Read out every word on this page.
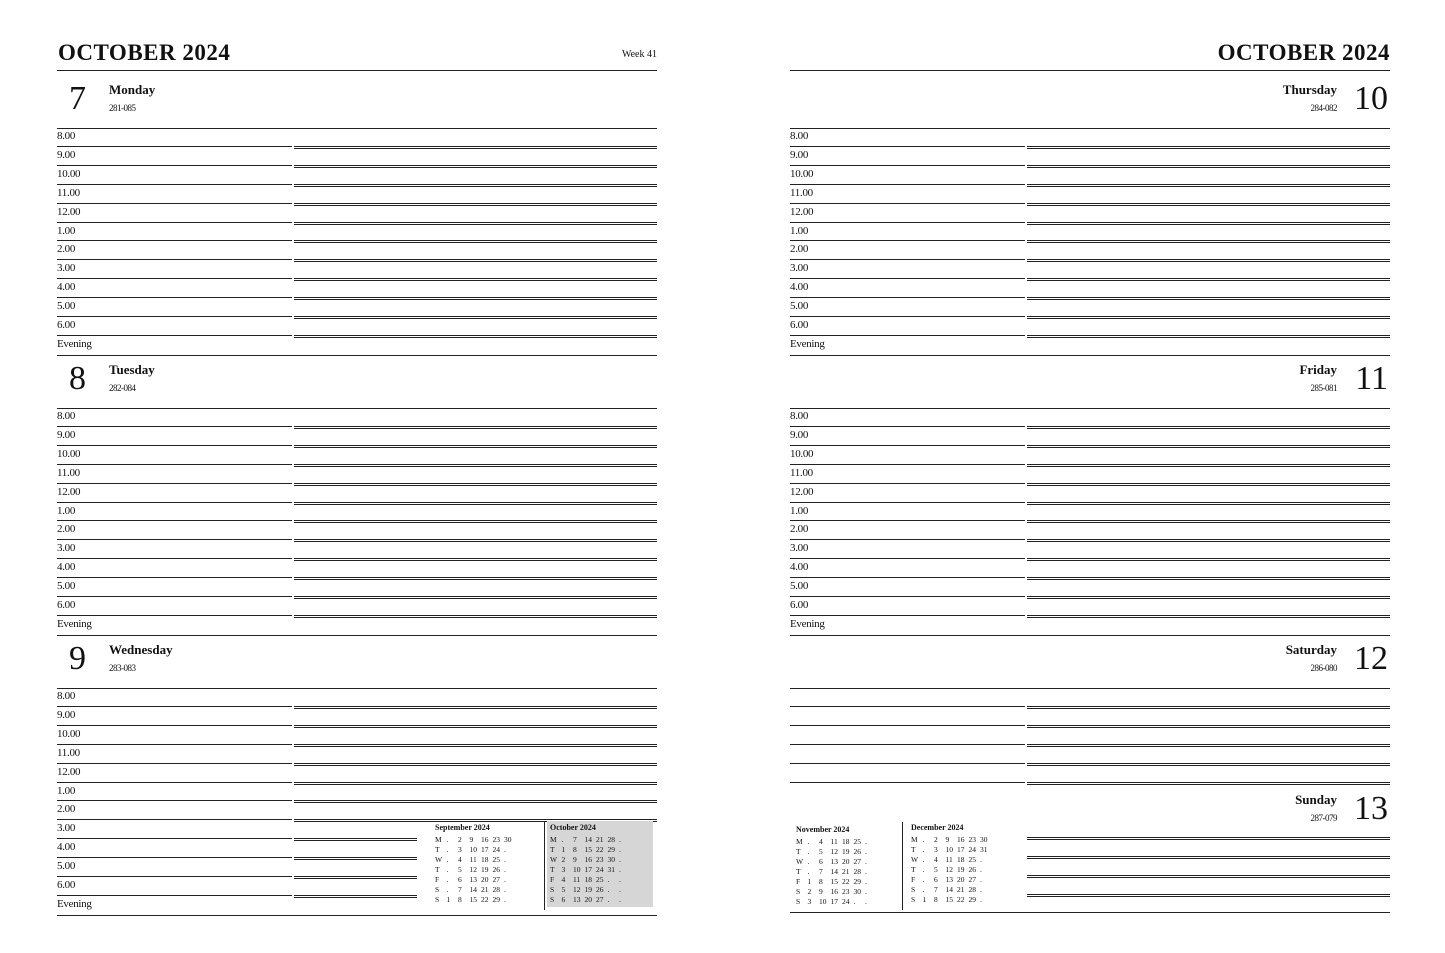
OCTOBER 2024	Week 41
7 Monday
281-085
8.00
9.00
10.00
11.00
12.00
1.00
2.00
3.00
4.00
5.00
6.00
Evening
8 Tuesday
282-084
8.00
9.00
10.00
11.00
12.00
1.00
2.00
3.00
4.00
5.00
6.00
Evening
9 Wednesday
283-083
8.00
9.00
10.00
11.00
12.00
1.00
2.00
3.00
4.00
5.00
6.00
Evening
September 2024
M .	2	9	16 23 30
T .	3	10 17 24 .
W .	4	11 18 25 .
T .	5	12 19 26 .
F .	6	13 20 27 .
S .	7	14 21 28 .
S 1	8	15 22 29 .
October 2024
M .	7	14 21 28 .
T 1	8	15 22 29 .
W 2	9	16 23 30 .
T 3	10 17 24 31 .
F 4	11 18 25 .	.
S 5	12 19 26 .	.
S 6	13 20 27 .	.
OCTOBER 2024
10
Thursday
284-082
8.00
9.00
10.00
11.00
12.00
1.00
2.00
3.00
4.00
5.00
6.00
Evening
11
Friday
285-081
8.00
9.00
10.00
11.00
12.00
1.00
2.00
3.00
4.00
5.00
6.00
Evening
12
Saturday
286-080
13
Sunday
287-079
November 2024
M .	4	11 18 25 .
T .	5	12 19 26 .
W .	6	13 20 27 .
T .	7	14 21 28 .
F 1	8	15 22 29 .
S 2	9	16 23 30 .
S 3	10 17 24 .	.
December 2024
M .	2	9	16 23 30
T .	3	10 17 24 31
W .	4	11 18 25 .
T .	5	12 19 26 .
F .	6	13 20 27 .
S .	7	14 21 28 .
S 1	8	15 22 29 .
